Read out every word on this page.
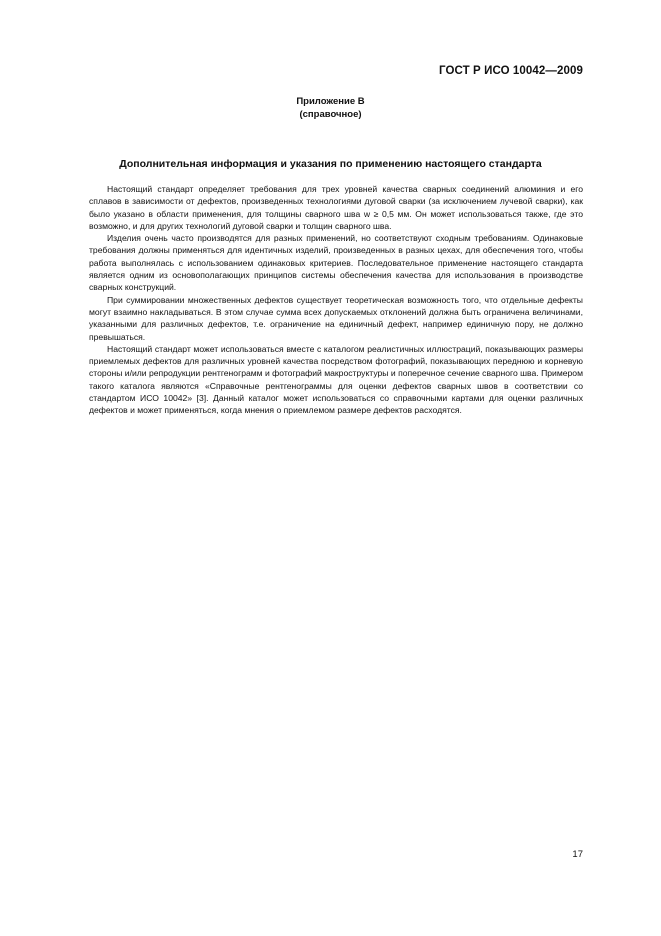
ГОСТ Р ИСО 10042—2009
Приложение В
(справочное)
Дополнительная информация и указания по применению настоящего стандарта

Настоящий стандарт определяет требования для трех уровней качества сварных соединений алюминия и его сплавов в зависимости от дефектов, произведенных технологиями дуговой сварки (за исключением лучевой сварки), как было указано в области применения, для толщины сварного шва w ≥ 0,5 мм. Он может использоваться также, где это возможно, и для других технологий дуговой сварки и толщин сварного шва.

Изделия очень часто производятся для разных применений, но соответствуют сходным требованиям. Одинаковые требования должны применяться для идентичных изделий, произведенных в разных цехах, для обеспечения того, чтобы работа выполнялась с использованием одинаковых критериев. Последовательное применение настоящего стандарта является одним из основополагающих принципов системы обеспечения качества для использования в производстве сварных конструкций.

При суммировании множественных дефектов существует теоретическая возможность того, что отдельные дефекты могут взаимно накладываться. В этом случае сумма всех допускаемых отклонений должна быть ограничена величинами, указанными для различных дефектов, т.е. ограничение на единичный дефект, например единичную пору, не должно превышаться.

Настоящий стандарт может использоваться вместе с каталогом реалистичных иллюстраций, показывающих размеры приемлемых дефектов для различных уровней качества посредством фотографий, показывающих переднюю и корневую стороны и/или репродукции рентгенограмм и фотографий макроструктуры и поперечное сечение сварного шва. Примером такого каталога являются «Справочные рентгенограммы для оценки дефектов сварных швов в соответствии со стандартом ИСО 10042» [3]. Данный каталог может использоваться со справочными картами для оценки различных дефектов и может применяться, когда мнения о приемлемом размере дефектов расходятся.

17
